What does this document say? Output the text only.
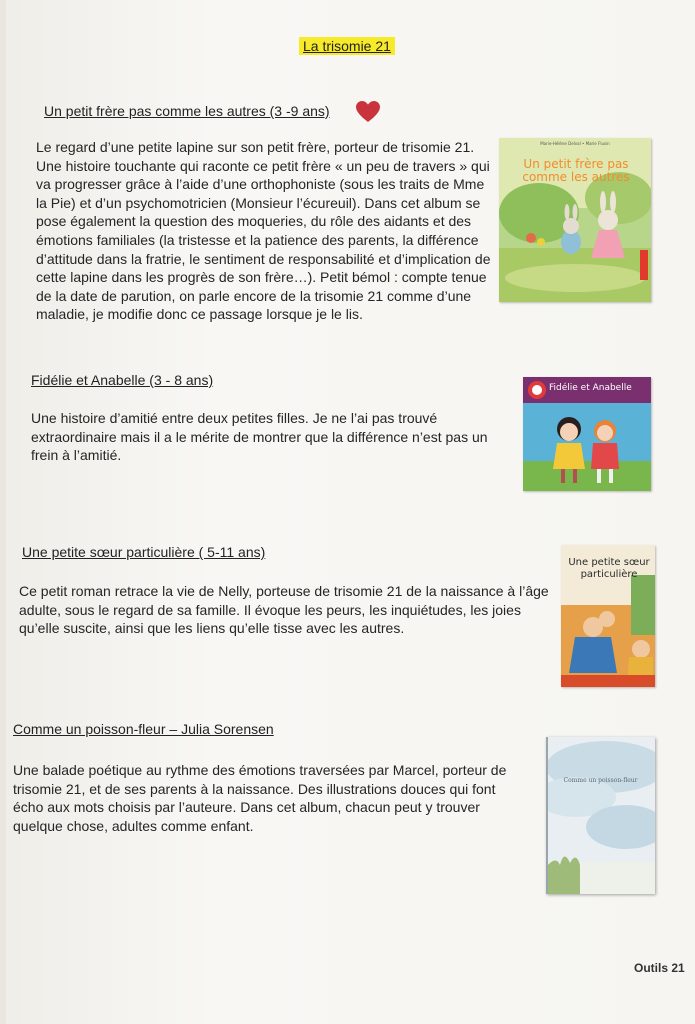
La trisomie 21
Un petit frère pas comme les autres (3 -9 ans)
Le regard d’une petite lapine sur son petit frère, porteur de trisomie 21. Une histoire touchante qui raconte ce petit frère « un peu de travers » qui va progresser grâce à l’aide d’une orthophoniste (sous les traits de Mme la Pie) et d’un psychomotricien (Monsieur l’écureuil). Dans cet album se pose également la question des moqueries, du rôle des aidants et des émotions familiales (la tristesse et la patience des parents, la différence d’attitude dans la fratrie, le sentiment de responsabilité et d’implication de cette lapine dans les progrès de son frère…). Petit bémol : compte tenue de la date de parution, on parle encore de la trisomie 21 comme d’une maladie, je modifie donc ce passage lorsque je le lis.
Marie-Hélène Delval • Marie Flusin
Un petit frère pas comme les autres
Fidélie et Anabelle (3 - 8 ans)
Une histoire d’amitié entre deux petites filles. Je ne l’ai pas trouvé extraordinaire mais il a le mérite de montrer que la différence n’est pas un frein à l’amitié.
Fidélie et Anabelle
Une petite sœur particulière ( 5-11 ans)
Ce petit roman retrace la vie de Nelly, porteuse de trisomie 21 de la naissance à l’âge adulte, sous le regard de sa famille. Il évoque les peurs, les inquiétudes, les joies qu’elle suscite, ainsi que les liens qu’elle tisse avec les autres.
Une petite sœur particulière
Comme un poisson-fleur – Julia Sorensen
Une balade poétique au rythme des émotions traversées par Marcel, porteur de trisomie 21, et de ses parents à la naissance. Des illustrations douces qui font écho aux mots choisis par l’auteure. Dans cet album, chacun peut y trouver quelque chose, adultes comme enfant.
Comme un poisson-fleur
Outils 21
